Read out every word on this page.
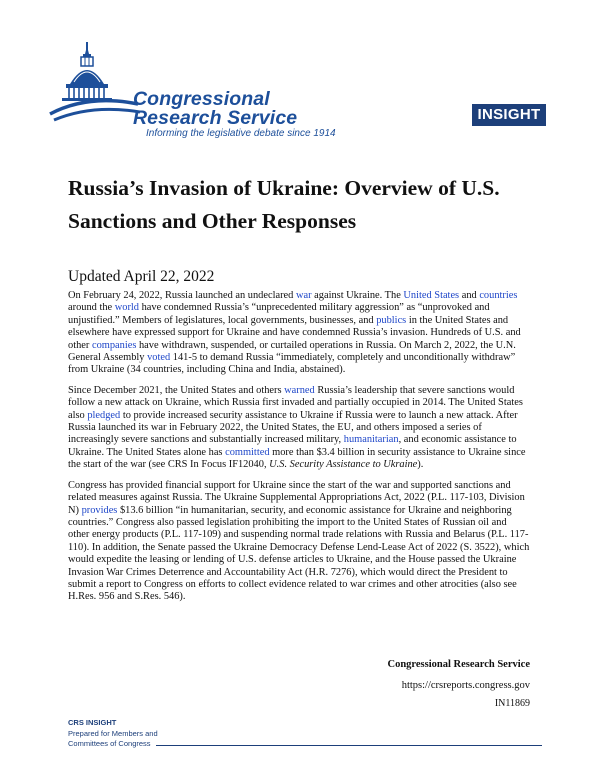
Congressional
Research Service
Informing the legislative debate since 1914
INSIGHT
Russia’s Invasion of Ukraine: Overview of U.S. Sanctions and Other Responses
Updated April 22, 2022

On February 24, 2022, Russia launched an undeclared war against Ukraine. The United States and countries around the world have condemned Russia’s “unprecedented military aggression” as “unprovoked and unjustified.” Members of legislatures, local governments, businesses, and publics in the United States and elsewhere have expressed support for Ukraine and have condemned Russia’s invasion. Hundreds of U.S. and other companies have withdrawn, suspended, or curtailed operations in Russia. On March 2, 2022, the U.N. General Assembly voted 141-5 to demand Russia “immediately, completely and unconditionally withdraw” from Ukraine (34 countries, including China and India, abstained).

Since December 2021, the United States and others warned Russia’s leadership that severe sanctions would follow a new attack on Ukraine, which Russia first invaded and partially occupied in 2014. The United States also pledged to provide increased security assistance to Ukraine if Russia were to launch a new attack. After Russia launched its war in February 2022, the United States, the EU, and others imposed a series of increasingly severe sanctions and substantially increased military, humanitarian, and economic assistance to Ukraine. The United States alone has committed more than $3.4 billion in security assistance to Ukraine since the start of the war (see CRS In Focus IF12040, U.S. Security Assistance to Ukraine).

Congress has provided financial support for Ukraine since the start of the war and supported sanctions and related measures against Russia. The Ukraine Supplemental Appropriations Act, 2022 (P.L. 117-103, Division N) provides $13.6 billion “in humanitarian, security, and economic assistance for Ukraine and neighboring countries.” Congress also passed legislation prohibiting the import to the United States of Russian oil and other energy products (P.L. 117-109) and suspending normal trade relations with Russia and Belarus (P.L. 117-110). In addition, the Senate passed the Ukraine Democracy Defense Lend-Lease Act of 2022 (S. 3522), which would expedite the leasing or lending of U.S. defense articles to Ukraine, and the House passed the Ukraine Invasion War Crimes Deterrence and Accountability Act (H.R. 7276), which would direct the President to submit a report to Congress on efforts to collect evidence related to war crimes and other atrocities (also see H.Res. 956 and S.Res. 546).

Congressional Research Service
https://crsreports.congress.gov
IN11869
CRS INSIGHT
Prepared for Members and
Committees of Congress
